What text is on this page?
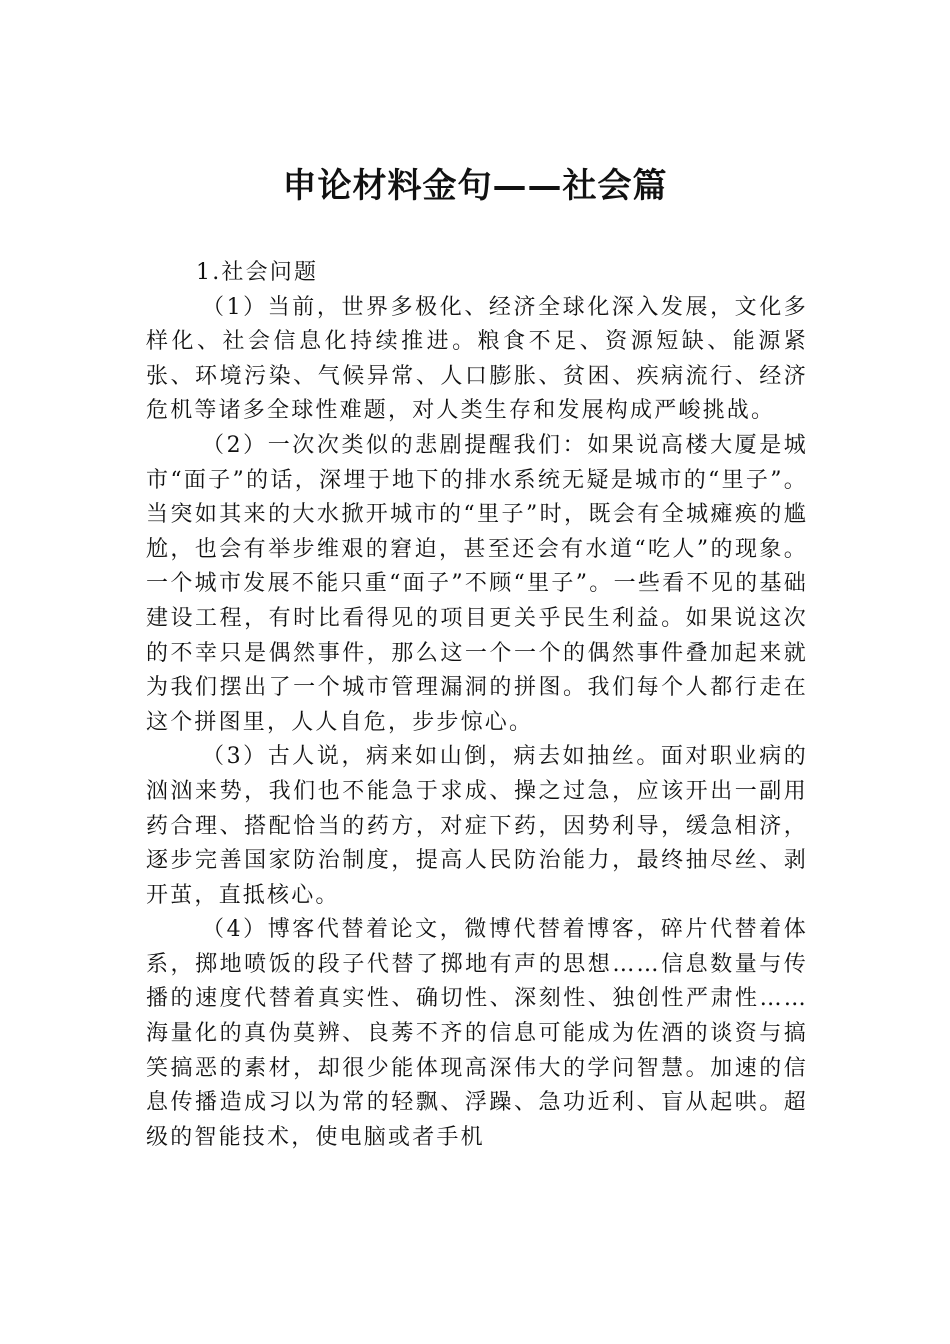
申论材料金句——社会篇

1.社会问题

（1）当前，世界多极化、经济全球化深入发展，文化多样化、社会信息化持续推进。粮食不足、资源短缺、能源紧张、环境污染、气候异常、人口膨胀、贫困、疾病流行、经济危机等诸多全球性难题，对人类生存和发展构成严峻挑战。

（2）一次次类似的悲剧提醒我们：如果说高楼大厦是城市“面子”的话，深埋于地下的排水系统无疑是城市的“里子”。当突如其来的大水掀开城市的“里子”时，既会有全城瘫痪的尴尬，也会有举步维艰的窘迫，甚至还会有水道“吃人”的现象。一个城市发展不能只重“面子”不顾“里子”。一些看不见的基础建设工程，有时比看得见的项目更关乎民生利益。如果说这次的不幸只是偶然事件，那么这一个一个的偶然事件叠加起来就为我们摆出了一个城市管理漏洞的拼图。我们每个人都行走在这个拼图里，人人自危，步步惊心。

（3）古人说，病来如山倒，病去如抽丝。面对职业病的汹汹来势，我们也不能急于求成、操之过急，应该开出一副用药合理、搭配恰当的药方，对症下药，因势利导，缓急相济，逐步完善国家防治制度，提高人民防治能力，最终抽尽丝、剥开茧，直抵核心。

（4）博客代替着论文，微博代替着博客，碎片代替着体系，掷地喷饭的段子代替了掷地有声的思想……信息数量与传播的速度代替着真实性、确切性、深刻性、独创性严肃性……海量化的真伪莫辨、良莠不齐的信息可能成为佐酒的谈资与搞笑搞恶的素材，却很少能体现高深伟大的学问智慧。加速的信息传播造成习以为常的轻飘、浮躁、急功近利、盲从起哄。超级的智能技术，使电脑或者手机
